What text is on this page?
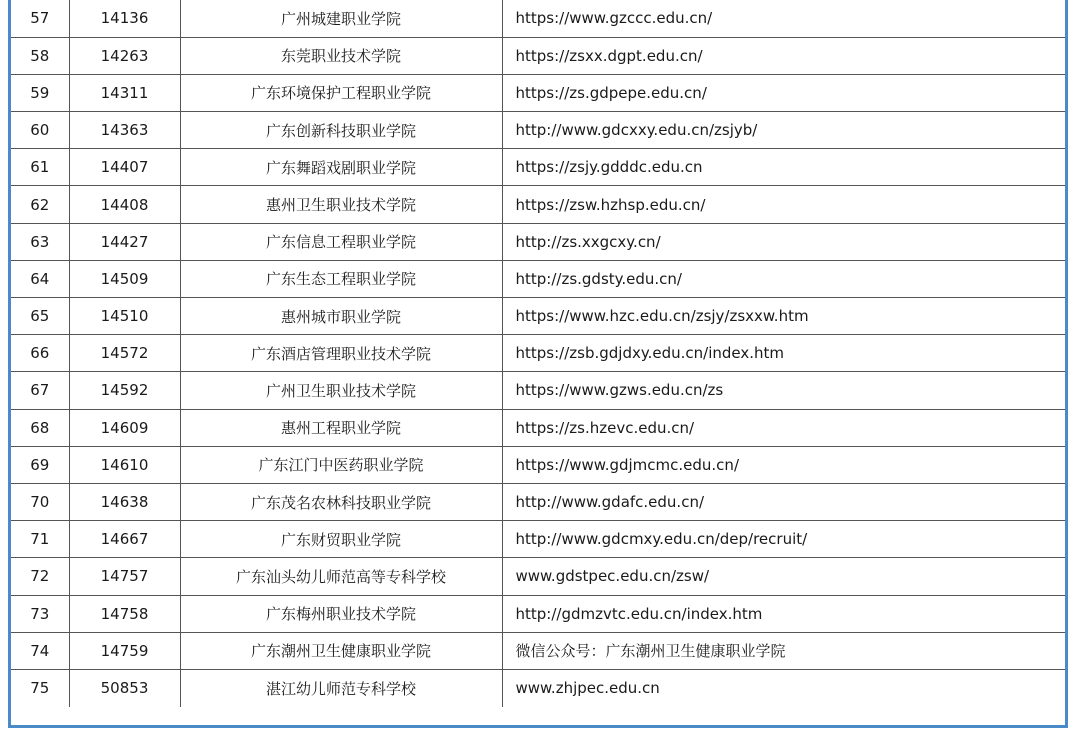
57	14136	广州城建职业学院	https://www.gzccc.edu.cn/
58	14263	东莞职业技术学院	https://zsxx.dgpt.edu.cn/
59	14311	广东环境保护工程职业学院	https://zs.gdpepe.edu.cn/
60	14363	广东创新科技职业学院	http://www.gdcxxy.edu.cn/zsjyb/
61	14407	广东舞蹈戏剧职业学院	https://zsjy.gdddc.edu.cn
62	14408	惠州卫生职业技术学院	https://zsw.hzhsp.edu.cn/
63	14427	广东信息工程职业学院	http://zs.xxgcxy.cn/
64	14509	广东生态工程职业学院	http://zs.gdsty.edu.cn/
65	14510	惠州城市职业学院	https://www.hzc.edu.cn/zsjy/zsxxw.htm
66	14572	广东酒店管理职业技术学院	https://zsb.gdjdxy.edu.cn/index.htm
67	14592	广州卫生职业技术学院	https://www.gzws.edu.cn/zs
68	14609	惠州工程职业学院	https://zs.hzevc.edu.cn/
69	14610	广东江门中医药职业学院	https://www.gdjmcmc.edu.cn/
70	14638	广东茂名农林科技职业学院	http://www.gdafc.edu.cn/
71	14667	广东财贸职业学院	http://www.gdcmxy.edu.cn/dep/recruit/
72	14757	广东汕头幼儿师范高等专科学校	www.gdstpec.edu.cn/zsw/
73	14758	广东梅州职业技术学院	http://gdmzvtc.edu.cn/index.htm
74	14759	广东潮州卫生健康职业学院	微信公众号：广东潮州卫生健康职业学院
75	50853	湛江幼儿师范专科学校	www.zhjpec.edu.cn
